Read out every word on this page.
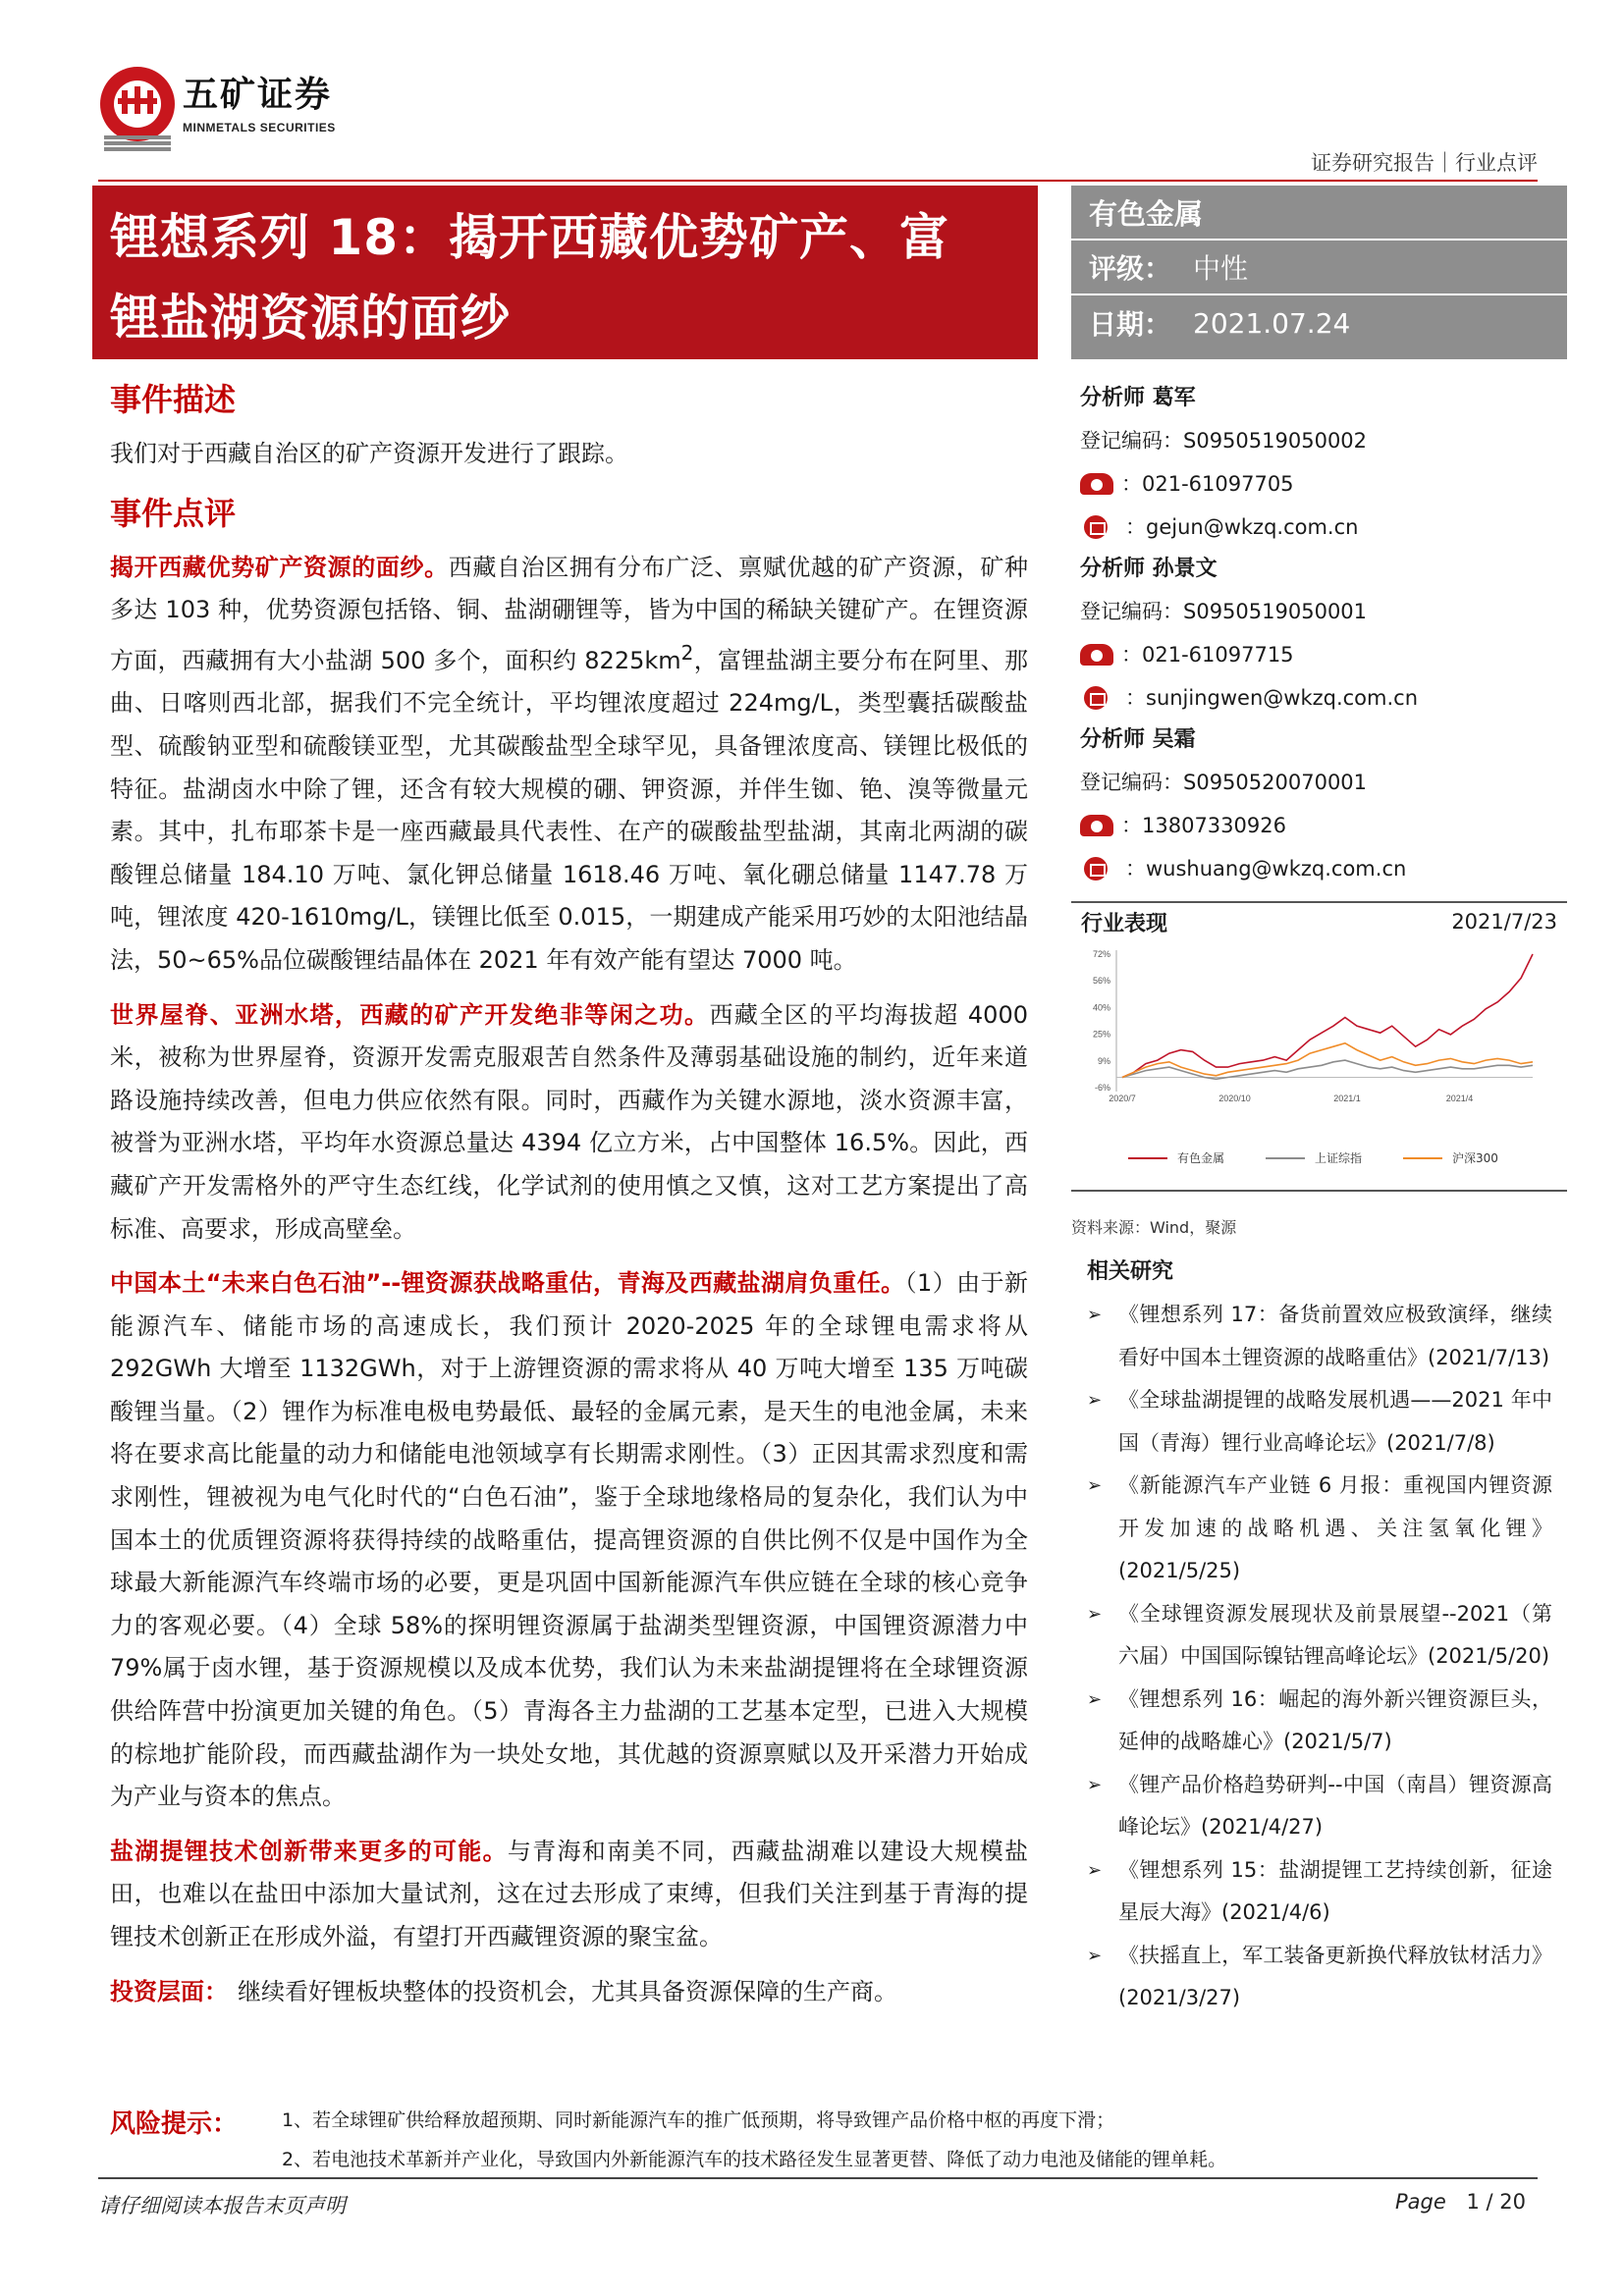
五矿证券
MINMETALS SECURITIES
证券研究报告｜行业点评
锂想系列 18：揭开西藏优势矿产、富
锂盐湖资源的面纱
有色金属
评级： 中性
日期： 2021.07.24
事件描述

我们对于西藏自治区的矿产资源开发进行了跟踪。

事件点评

揭开西藏优势矿产资源的面纱。西藏自治区拥有分布广泛、禀赋优越的矿产资源，矿种多达 103 种，优势资源包括铬、铜、盐湖硼锂等，皆为中国的稀缺关键矿产。在锂资源方面，西藏拥有大小盐湖 500 多个，面积约 $8225km^2$，富锂盐湖主要分布在阿里、那曲、日喀则西北部，据我们不完全统计，平均锂浓度超过 224mg/L，类型囊括碳酸盐型、硫酸钠亚型和硫酸镁亚型，尤其碳酸盐型全球罕见，具备锂浓度高、镁锂比极低的特征。盐湖卤水中除了锂，还含有较大规模的硼、钾资源，并伴生铷、铯、溴等微量元素。其中，扎布耶茶卡是一座西藏最具代表性、在产的碳酸盐型盐湖，其南北两湖的碳酸锂总储量 184.10 万吨、氯化钾总储量 1618.46 万吨、氧化硼总储量 1147.78 万吨，锂浓度 420-1610mg/L，镁锂比低至 0.015，一期建成产能采用巧妙的太阳池结晶法，50~65%品位碳酸锂结晶体在 2021 年有效产能有望达 7000 吨。

世界屋脊、亚洲水塔，西藏的矿产开发绝非等闲之功。西藏全区的平均海拔超 4000 米，被称为世界屋脊，资源开发需克服艰苦自然条件及薄弱基础设施的制约，近年来道路设施持续改善，但电力供应依然有限。同时，西藏作为关键水源地，淡水资源丰富，被誉为亚洲水塔，平均年水资源总量达 4394 亿立方米，占中国整体 16.5%。因此，西藏矿产开发需格外的严守生态红线，化学试剂的使用慎之又慎，这对工艺方案提出了高标准、高要求，形成高壁垒。

中国本土“未来白色石油”--锂资源获战略重估，青海及西藏盐湖肩负重任。（1）由于新能源汽车、储能市场的高速成长，我们预计 2020-2025 年的全球锂电需求将从 292GWh 大增至 1132GWh，对于上游锂资源的需求将从 40 万吨大增至 135 万吨碳酸锂当量。（2）锂作为标准电极电势最低、最轻的金属元素，是天生的电池金属，未来将在要求高比能量的动力和储能电池领域享有长期需求刚性。（3）正因其需求烈度和需求刚性，锂被视为电气化时代的“白色石油”，鉴于全球地缘格局的复杂化，我们认为中国本土的优质锂资源将获得持续的战略重估，提高锂资源的自供比例不仅是中国作为全球最大新能源汽车终端市场的必要，更是巩固中国新能源汽车供应链在全球的核心竞争力的客观必要。（4）全球 58%的探明锂资源属于盐湖类型锂资源，中国锂资源潜力中 79%属于卤水锂，基于资源规模以及成本优势，我们认为未来盐湖提锂将在全球锂资源供给阵营中扮演更加关键的角色。（5）青海各主力盐湖的工艺基本定型，已进入大规模的棕地扩能阶段，而西藏盐湖作为一块处女地，其优越的资源禀赋以及开采潜力开始成为产业与资本的焦点。

盐湖提锂技术创新带来更多的可能。与青海和南美不同，西藏盐湖难以建设大规模盐田，也难以在盐田中添加大量试剂，这在过去形成了束缚，但我们关注到基于青海的提锂技术创新正在形成外溢，有望打开西藏锂资源的聚宝盆。

投资层面： 继续看好锂板块整体的投资机会，尤其具备资源保障的生产商。

分析师 葛军
登记编码：S0950519050002
：021-61097705
：gejun@wkzq.com.cn
分析师 孙景文
登记编码：S0950519050001
：021-61097715
：sunjingwen@wkzq.com.cn
分析师 吴霜
登记编码：S0950520070001
：13807330926
：wushuang@wkzq.com.cn
行业表现	2021/7/23
72%
56%
40%
25%
9%
-6%
2020/7	2020/10	2021/1	2021/4
有色金属	上证综指	沪深300
资料来源：Wind，聚源
相关研究
➢ 《锂想系列 17：备货前置效应极致演绎，继续看好中国本土锂资源的战略重估》(2021/7/13)
➢ 《全球盐湖提锂的战略发展机遇——2021 年中国（青海）锂行业高峰论坛》(2021/7/8)
➢ 《新能源汽车产业链 6 月报：重视国内锂资源开发加速的战略机遇、关注氢氧化锂》(2021/5/25)
➢ 《全球锂资源发展现状及前景展望--2021（第六届）中国国际镍钴锂高峰论坛》(2021/5/20)
➢ 《锂想系列 16：崛起的海外新兴锂资源巨头，延伸的战略雄心》(2021/5/7)
➢ 《锂产品价格趋势研判--中国（南昌）锂资源高峰论坛》(2021/4/27)
➢ 《锂想系列 15：盐湖提锂工艺持续创新，征途星辰大海》(2021/4/6)
➢ 《扶摇直上，军工装备更新换代释放钛材活力》(2021/3/27)
风险提示： 1、若全球锂矿供给释放超预期、同时新能源汽车的推广低预期，将导致锂产品价格中枢的再度下滑；
2、若电池技术革新并产业化，导致国内外新能源汽车的技术路径发生显著更替、降低了动力电池及储能的锂单耗。
请仔细阅读本报告末页声明	Page 1 / 20
